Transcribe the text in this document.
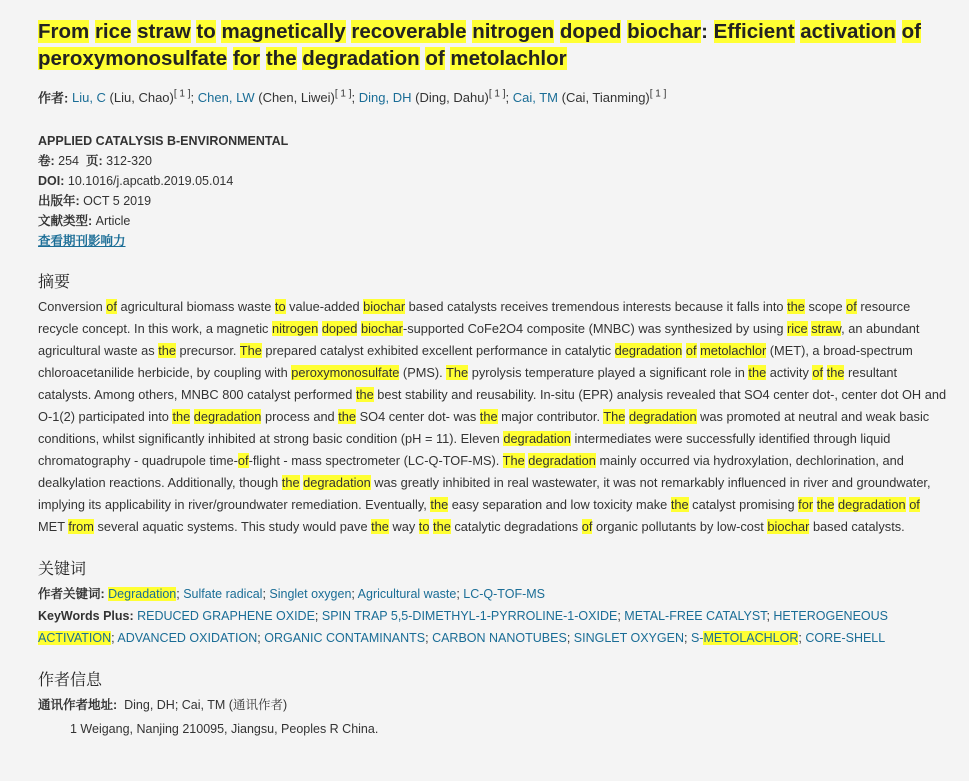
From rice straw to magnetically recoverable nitrogen doped biochar: Efficient activation of peroxymonosulfate for the degradation of metolachlor
作者: Liu, C (Liu, Chao)[ 1 ]; Chen, LW (Chen, Liwei)[ 1 ]; Ding, DH (Ding, Dahu)[ 1 ]; Cai, TM (Cai, Tianming)[ 1 ]
APPLIED CATALYSIS B-ENVIRONMENTAL
卷: 254 页: 312-320
DOI: 10.1016/j.apcatb.2019.05.014
出版年: OCT 5 2019
文献类型: Article
查看期刊影响力
摘要
Conversion of agricultural biomass waste to value-added biochar based catalysts receives tremendous interests because it falls into the scope of resource recycle concept. In this work, a magnetic nitrogen doped biochar-supported CoFe2O4 composite (MNBC) was synthesized by using rice straw, an abundant agricultural waste as the precursor. The prepared catalyst exhibited excellent performance in catalytic degradation of metolachlor (MET), a broad-spectrum chloroacetanilide herbicide, by coupling with peroxymonosulfate (PMS). The pyrolysis temperature played a significant role in the activity of the resultant catalysts. Among others, MNBC 800 catalyst performed the best stability and reusability. In-situ (EPR) analysis revealed that SO4 center dot-, center dot OH and O-1(2) participated into the degradation process and the SO4 center dot- was the major contributor. The degradation was promoted at neutral and weak basic conditions, whilst significantly inhibited at strong basic condition (pH = 11). Eleven degradation intermediates were successfully identified through liquid chromatography - quadrupole time-of-flight - mass spectrometer (LC-Q-TOF-MS). The degradation mainly occurred via hydroxylation, dechlorination, and dealkylation reactions. Additionally, though the degradation was greatly inhibited in real wastewater, it was not remarkably influenced in river and groundwater, implying its applicability in river/groundwater remediation. Eventually, the easy separation and low toxicity make the catalyst promising for the degradation of MET from several aquatic systems. This study would pave the way to the catalytic degradations of organic pollutants by low-cost biochar based catalysts.
关键词
作者关键词: Degradation; Sulfate radical; Singlet oxygen; Agricultural waste; LC-Q-TOF-MS
KeyWords Plus: REDUCED GRAPHENE OXIDE; SPIN TRAP 5,5-DIMETHYL-1-PYRROLINE-1-OXIDE; METAL-FREE CATALYST; HETEROGENEOUS ACTIVATION; ADVANCED OXIDATION; ORGANIC CONTAMINANTS; CARBON NANOTUBES; SINGLET OXYGEN; S-METOLACHLOR; CORE-SHELL
作者信息
通讯作者地址: Ding, DH; Cai, TM (通讯作者)
1 Weigang, Nanjing 210095, Jiangsu, Peoples R China.
